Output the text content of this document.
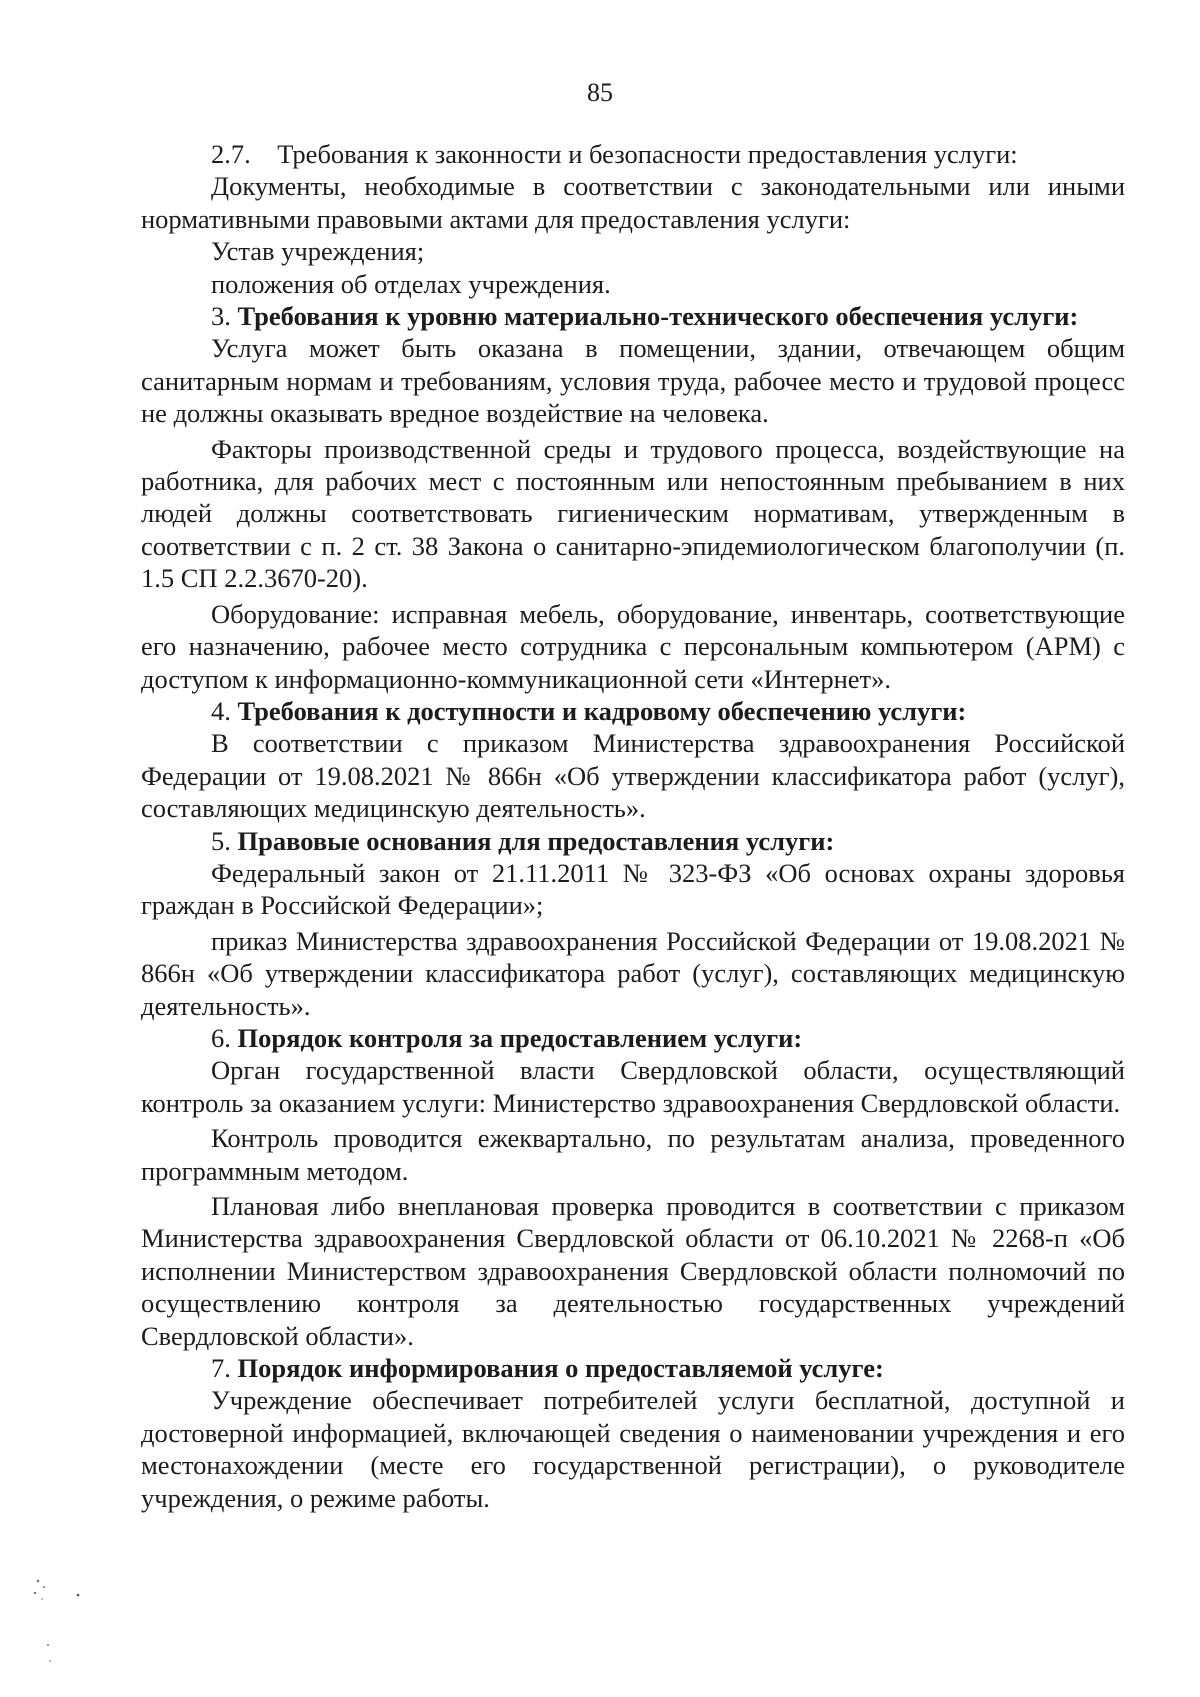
85

2.7. Требования к законности и безопасности предоставления услуги:

Документы, необходимые в соответствии с законодательными или иными нормативными правовыми актами для предоставления услуги:

Устав учреждения;

положения об отделах учреждения.

3. Требования к уровню материально-технического обеспечения услуги:

Услуга может быть оказана в помещении, здании, отвечающем общим санитарным нормам и требованиям, условия труда, рабочее место и трудовой процесс не должны оказывать вредное воздействие на человека.

Факторы производственной среды и трудового процесса, воздействующие на работника, для рабочих мест с постоянным или непостоянным пребыванием в них людей должны соответствовать гигиеническим нормативам, утвержденным в соответствии с п. 2 ст. 38 Закона о санитарно-эпидемиологическом благополучии (п. 1.5 СП 2.2.3670-20).

Оборудование: исправная мебель, оборудование, инвентарь, соответствующие его назначению, рабочее место сотрудника с персональным компьютером (АРМ) с доступом к информационно-коммуникационной сети «Интернет».

4. Требования к доступности и кадровому обеспечению услуги:

В соответствии с приказом Министерства здравоохранения Российской Федерации от 19.08.2021 № 866н «Об утверждении классификатора работ (услуг), составляющих медицинскую деятельность».

5. Правовые основания для предоставления услуги:

Федеральный закон от 21.11.2011 № 323-ФЗ «Об основах охраны здоровья граждан в Российской Федерации»;

приказ Министерства здравоохранения Российской Федерации от 19.08.2021 № 866н «Об утверждении классификатора работ (услуг), составляющих медицинскую деятельность».

6. Порядок контроля за предоставлением услуги:

Орган государственной власти Свердловской области, осуществляющий контроль за оказанием услуги: Министерство здравоохранения Свердловской области.

Контроль проводится ежеквартально, по результатам анализа, проведенного программным методом.

Плановая либо внеплановая проверка проводится в соответствии с приказом Министерства здравоохранения Свердловской области от 06.10.2021 № 2268-п «Об исполнении Министерством здравоохранения Свердловской области полномочий по осуществлению контроля за деятельностью государственных учреждений Свердловской области».

7. Порядок информирования о предоставляемой услуге:

Учреждение обеспечивает потребителей услуги бесплатной, доступной и достоверной информацией, включающей сведения о наименовании учреждения и его местонахождении (месте его государственной регистрации), о руководителе учреждения, о режиме работы.
